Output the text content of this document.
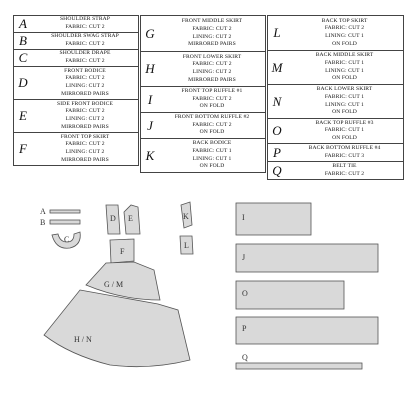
A	SHOULDER STRAP
FABRIC: CUT 2
B	SHOULDER SWAG STRAP
FABRIC: CUT 2
C	SHOULDER DRAPE
FABRIC: CUT 2
D
FRONT BODICE
FABRIC: CUT 2
LINING: CUT 2
MIRRORED PAIRS
E
SIDE FRONT BODICE
FABRIC: CUT 2
LINING: CUT 2
MIRRORED PAIRS
F
FRONT TOP SKIRT
FABRIC: CUT 2
LINING: CUT 2
MIRRORED PAIRS
G
FRONT MIDDLE SKIRT
FABRIC: CUT 2
LINING: CUT 2
MIRRORED PAIRS
H
FRONT LOWER SKIRT
FABRIC: CUT 2
LINING: CUT 2
MIRRORED PAIRS
I
FRONT TOP RUFFLE #1
FABRIC: CUT 2
ON FOLD
J
FRONT BOTTOM RUFFLE #2
FABRIC: CUT 2
ON FOLD
K
BACK BODICE
FABRIC: CUT 1
LINING: CUT 1
ON FOLD
L
BACK TOP SKIRT
FABRIC: CUT 2
LINING: CUT 1
ON FOLD
M
BACK MIDDLE SKIRT
FABRIC: CUT 1
LINING: CUT 1
ON FOLD
N
BACK LOWER SKIRT
FABRIC: CUT 1
LINING: CUT 1
ON FOLD
O
BACK TOP RUFFLE #3
FABRIC: CUT 1
ON FOLD
P	BACK BOTTOM RUFFLE #4
FABRIC: CUT 3
Q	BELT TIE
FABRIC: CUT 2
A
B
C
D E
F
G / M
H / N
K
L
I
J
O
P
Q
